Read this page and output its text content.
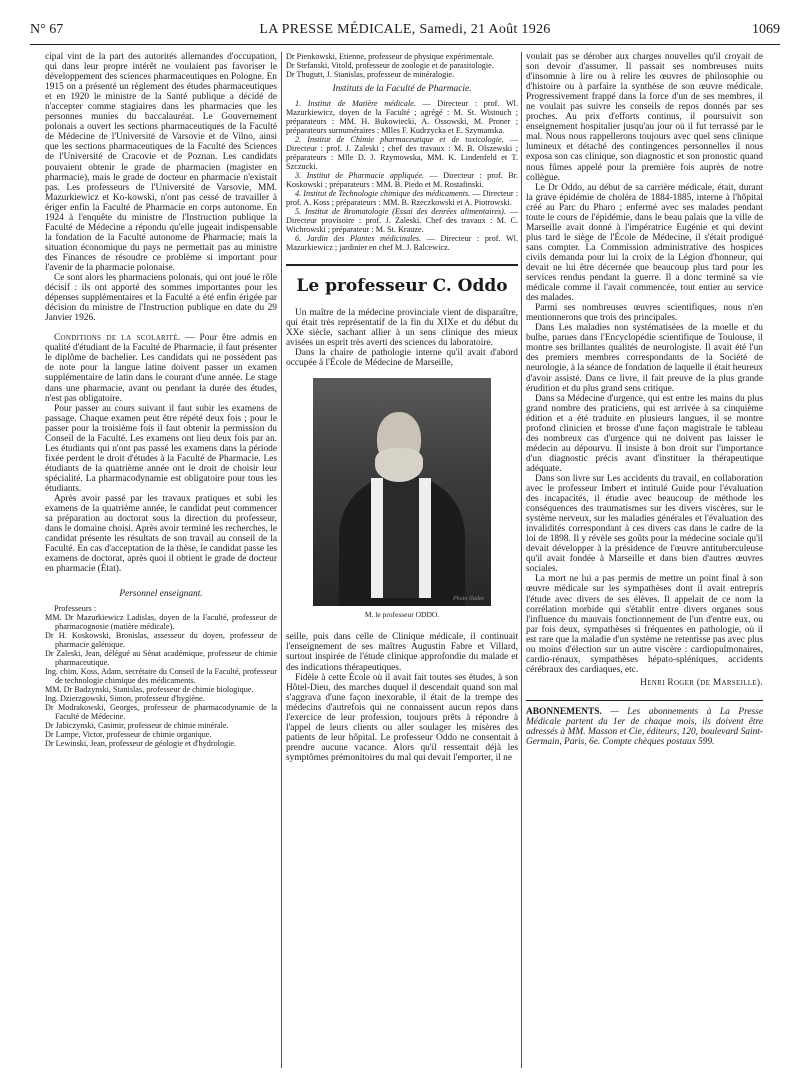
N° 67	LA PRESSE MÉDICALE, Samedi, 21 Août 1926	1069

cipal vint de la part des autorités allemandes d'occupation, qui dans leur propre intérêt ne voulaient pas favoriser le développement des sciences pharmaceutiques en Pologne. En 1915 on a présenté un règlement des études pharmaceutiques et en 1920 le ministre de la Santé publique a décidé de n'accepter comme stagiaires dans les pharmacies que les personnes munies du baccalauréat. Le Gouvernement polonais a ouvert les sections pharmaceutiques de la Faculté de Médecine de l'Université de Varsovie et de Vilno, ainsi que les sections pharmaceutiques de la Faculté des Sciences de l'Université de Cracovie et de Poznan. Les candidats pouvaient obtenir le grade de pharmacien (magister en pharmacie), mais le grade de docteur en pharmacie n'existait pas. Les professeurs de l'Université de Varsovie, MM. Mazurkiewicz et Ko-kowski, n'ont pas cessé de travailler à ériger enfin la Faculté de Pharmacie en corps autonome. En 1924 à l'enquête du ministre de l'Instruction publique la Faculté de Médecine a répondu qu'elle jugeait indispensable la fondation de la Faculté autonome de Pharmacie; mais la situation économique du pays ne permettait pas au ministre des Finances de résoudre ce problème si important pour l'avenir de la pharmacie polonaise.

Ce sont alors les pharmaciens polonais, qui ont joué le rôle décisif : ils ont apporté des sommes importantes pour les dépenses supplémentaires et la Faculté a été enfin érigée par décision du ministre de l'Instruction publique en date du 29 Janvier 1926.

Conditions de la scolarité. — Pour être admis en qualité d'étudiant de la Faculté de Pharmacie, il faut présenter le diplôme de bachelier. Les candidats qui ne possèdent pas de note pour la langue latine doivent passer un examen supplémentaire de latin dans le courant d'une année. Le stage dans une pharmacie, avant ou pendant la durée des études, n'est pas obligatoire.

Pour passer au cours suivant il faut subir les examens de passage. Chaque examen peut être répété deux fois ; pour le passer pour la troisième fois il faut obtenir la permission du Conseil de la Faculté. Les examens ont lieu deux fois par an. Les étudiants qui n'ont pas passé les examens dans la période fixée perdent le droit d'études à la Faculté de Pharmacie. Les étudiants de la quatrième année ont le droit de choisir leur spécialité. La pharmacodynamie est obligatoire pour tous les étudiants.

Après avoir passé par les travaux pratiques et subi les examens de la quatrième année, le candidat peut commencer sa préparation au doctorat sous la direction du professeur, dans le domaine choisi. Après avoir terminé les recherches, le candidat présente les résultats de son travail au conseil de la Faculté. En cas d'acceptation de la thèse, le candidat passe les examens de doctorat, après quoi il obtient le grade de docteur en pharmacie (État).

Personnel enseignant.

Professeurs :

MM. Dr Mazurkiewicz Ladislas, doyen de la Faculté, professeur de pharmacognosie (matière médicale).

Dr H. Koskowski, Bronislas, assesseur du doyen, professeur de pharmacie galénique.

Dr Zaleski, Jean, délégué au Sénat académique, professeur de chimie pharmaceutique.

Ing. chim. Koss, Adam, secrétaire du Conseil de la Faculté, professeur de technologie chimique des médicaments.

MM. Dr Badzynski, Stanislas, professeur de chimie biologique.

Ing. Dzierzgowski, Simon, professeur d'hygiène.

Dr Modrakowski, Georges, professeur de pharmacodynamie de la Faculté de Médecine.

Dr Jabiczynski, Casimir, professeur de chimie minérale.

Dr Lampe, Victor, professeur de chimie organique.

Dr Lewinski, Jean, professeur de géologie et d'hydrologie.

Dr Pienkowski, Etienne, professeur de physique expérimentale.

Dr Stefanski, Vitold, professeur de zoologie et de parasitologie.

Dr Thugutt, J. Stanislas, professeur de minéralogie.

Instituts de la Faculté de Pharmacie.

1. Institut de Matière médicale. — Directeur : prof. Wl. Mazurkiewicz, doyen de la Faculté ; agrégé : M. St. Wistouch ; préparateurs : MM. H. Bukowiecki, A. Ossowski, M. Proner ; préparateurs surnuméraires : Mlles F. Kudrzycka et E. Szymanska.

2. Institut de Chimie pharmaceutique et de toxicologie. — Directeur : prof. J. Zaleski ; chef des travaux : M. B. Olszewski ; préparateurs : Mlle D. J. Rzymowska, MM. K. Lindenfeld et T. Szczucki.

3. Institut de Pharmacie appliquée. — Directeur : prof. Br. Koskowski ; préparateurs : MM. B. Piedo et M. Rostafinski.

4. Institut de Technologie chimique des médicaments. — Directeur : prof. A. Koss ; préparateurs : MM. B. Rzeczkowski et A. Piotrowski.

5. Institut de Bromatologie (Essai des denrées alimentaires). — Directeur provisoire : prof. J. Zaleski. Chef des travaux : M. C. Wichrowski ; préparateur : M. St. Krauze.

6. Jardin des Plantes médicinales. — Directeur : prof. Wl. Mazurkiewicz ; jardinier en chef M. J. Ralcewicz.

Le professeur C. Oddo

Un maître de la médecine provinciale vient de disparaître, qui était très représentatif de la fin du XIXe et du début du XXe siècle, sachant allier à un sens clinique des mieux avisées un esprit très averti des sciences du laboratoire.

Dans la chaire de pathologie interne qu'il avait d'abord occupée à l'École de Médecine de Marseille,

Photo Nadar.

M. le professeur ODDO.

seille, puis dans celle de Clinique médicale, il continuait l'enseignement de ses maîtres Augustin Fabre et Villard, surtout inspirée de l'étude clinique approfondie du malade et des indications thérapeutiques.

Fidèle à cette École où il avait fait toutes ses études, à son Hôtel-Dieu, des marches duquel il descendait quand son mal s'aggrava d'une façon inexorable, il était de la trempe des médecins d'autrefois qui ne connaissent aucun repos dans l'exercice de leur profession, toujours prêts à répondre à l'appel de leurs clients ou aller soulager les misères des patients de leur hôpital. Le professeur Oddo ne consentait à prendre aucune vacance. Alors qu'il ressentait déjà les symptômes prémonitoires du mal qui devait l'emporter, il ne

voulait pas se dérober aux charges nouvelles qu'il croyait de son devoir d'assumer. Il passait ses nombreuses nuits d'insomnie à lire ou à relire les œuvres de philosophie ou d'histoire ou à parfaire la synthèse de son œuvre médicale. Progressivement frappé dans la force d'un de ses membres, il ne voulait pas suivre les conseils de repos donnés par ses proches. Au prix d'efforts continus, il poursuivit son enseignement hospitalier jusqu'au jour où il fut terrassé par le mal. Nous nous rappellerons toujours avec quel sens clinique lumineux et détaché des contingences personnelles il nous exposa son cas clinique, son diagnostic et son pronostic quand nous fûmes appelé pour la première fois auprès de notre collègue.

Le Dr Oddo, au début de sa carrière médicale, était, durant la grave épidémie de choléra de 1884-1885, interne à l'hôpital créé au Parc du Pharo ; enfermé avec ses malades pendant toute le cours de l'épidémie, dans le beau palais que la ville de Marseille avait donné à l'impératrice Eugénie et qui devint plus tard le siège de l'École de Médecine, il s'était prodigué sans compter. La Commission administrative des hospices civils demanda pour lui la croix de la Légion d'honneur, qui devait ne lui être décernée que beaucoup plus tard pour les services rendus pendant la guerre. Il a donc terminé sa vie médicale comme il l'avait commencée, tout entier au service des malades.

Parmi ses nombreuses œuvres scientifiques, nous n'en mentionnerons que trois des principales.

Dans Les maladies non systématisées de la moelle et du bulbe, parues dans l'Encyclopédie scientifique de Toulouse, il montre ses brillantes qualités de neurologiste. Il avait été l'un des premiers membres correspondants de la Société de neurologie, à la séance de fondation de laquelle il était heureux d'avoir assisté. Dans ce livre, il fait preuve de la plus grande érudition et du plus grand sens critique.

Dans sa Médecine d'urgence, qui est entre les mains du plus grand nombre des praticiens, qui est arrivée à sa cinquième édition et a été traduite en plusieurs langues, il se montre profond clinicien et brosse d'une façon magistrale le tableau des nombreux cas d'urgence qui ne doivent pas laisser le médecin au dépourvu. Il insiste à bon droit sur l'importance d'un diagnostic précis avant d'instituer la thérapeutique adéquate.

Dans son livre sur Les accidents du travail, en collaboration avec le professeur Imbert et intitulé Guide pour l'évaluation des incapacités, il étudie avec beaucoup de méthode les conséquences des traumatismes sur les divers viscères, sur le système nerveux, sur les maladies générales et l'évaluation des invalidités correspondant à ces divers cas dans le cadre de la loi de 1898. Il y révèle ses goûts pour la médecine sociale qu'il devait développer à la présidence de l'œuvre antituberculeuse qu'il avait fondée à Marseille et dans bien d'autres œuvres sociales.

La mort ne lui a pas permis de mettre un point final à son œuvre médicale sur les sympathèses dont il avait entrepris l'étude avec divers de ses élèves. Il appelait de ce nom la corrélation morbide qui s'établit entre divers organes sous l'influence du mauvais fonctionnement de l'un d'entre eux, ou par fois deux, sympathèses si fréquentes en pathologie, où il est rare que la maladie d'un système ne retentisse pas avec plus ou moins d'élection sur un autre viscère : cardiopulmonaires, cardio-rénaux, sympathèses hépato-spléniques, accidents cérébraux des cardiaques, etc.

Henri Roger (de Marseille).

ABONNEMENTS. — Les abonnements à La Presse Médicale partent du 1er de chaque mois, ils doivent être adressés à MM. Masson et Cie, éditeurs, 120, boulevard Saint-Germain, Paris, 6e. Compte chèques postaux 599.
